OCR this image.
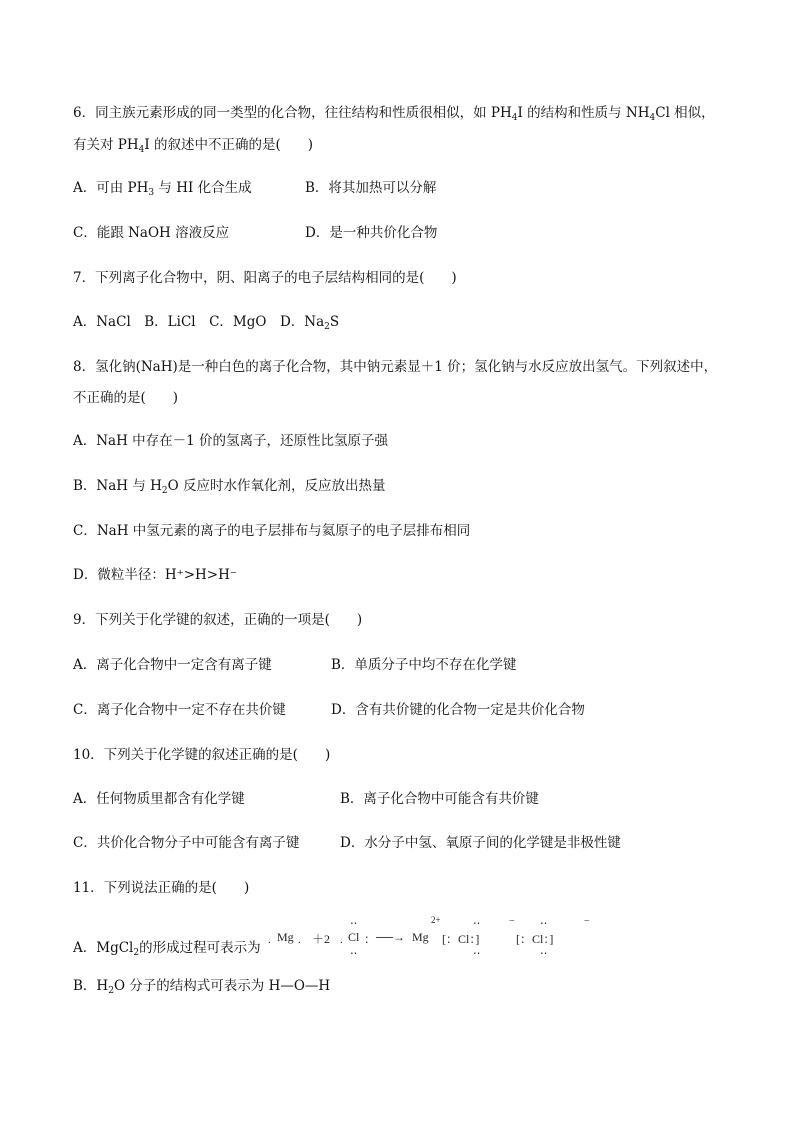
6．同主族元素形成的同一类型的化合物，往往结构和性质很相似，如 $PH_4I$ 的结构和性质与 $NH_4Cl$ 相似，
有关对 $PH_4I$ 的叙述中不正确的是(　　)
A．可由 $PH_3$ 与 HI 化合生成	B．将其加热可以分解
C．能跟 NaOH 溶液反应	D．是一种共价化合物
7．下列离子化合物中，阴、阳离子的电子层结构相同的是(　　)
A．NaCl　B．LiCl　C．MgO　D．$Na_2S$
8．氢化钠(NaH)是一种白色的离子化合物，其中钠元素显＋1 价；氢化钠与水反应放出氢气。下列叙述中，
不正确的是(　　)
A．NaH 中存在－1 价的氢离子，还原性比氢原子强
B．NaH 与 $H_2O$ 反应时水作氧化剂，反应放出热量
C．NaH 中氢元素的离子的电子层排布与氦原子的电子层排布相同
D．微粒半径：H⁺>H>H⁻
9．下列关于化学键的叙述，正确的一项是(　　)
A．离子化合物中一定含有离子键	B．单质分子中均不存在化学键
C．离子化合物中一定不存在共价键	D．含有共价键的化合物一定是共价化合物
10．下列关于化学键的叙述正确的是(　　)
A．任何物质里都含有化学键	B．离子化合物中可能含有共价键
C．共价化合物分子中可能含有离子键	D．水分子中氢、氧原子间的化学键是非极性键
11．下列说法正确的是(　　)
A．MgCl$_2$的形成过程可表示为 . Mg . ＋2 .
‥
Cl ：
‥
──→ Mg
2+	‥
[：Cl：]
‥
− ‥
[：Cl：]
‥
−
B．$H_2O$ 分子的结构式可表示为 H—O—H
